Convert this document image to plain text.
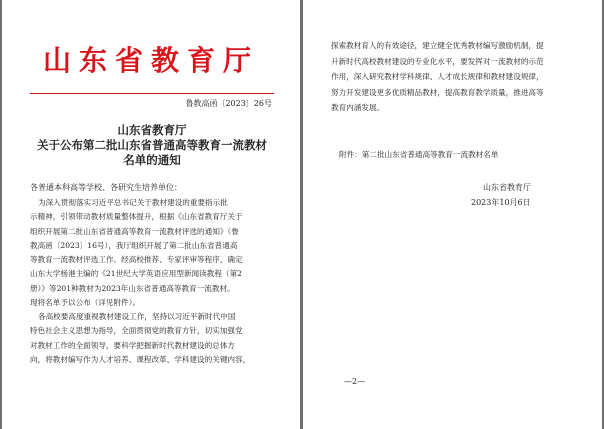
山东省教育厅
鲁教高函〔2023〕26号
山东省教育厅
关于公布第二批山东省普通高等教育一流教材
名单的通知
各普通本科高等学校、各研究生培养单位：
为深入贯彻落实习近平总书记关于教材建设的重要指示批
示精神，引领带动教材质量整体提升，根据《山东省教育厅关于
组织开展第二批山东省普通高等教育一流教材评选的通知》（鲁
教高函〔2023〕16号），我厅组织开展了第二批山东省普通高
等教育一流教材评选工作。经高校推荐、专家评审等程序，确定
山东大学杨港主编的《21世纪大学英语应用型新闻读教程（第2
册）》等201种教材为2023年山东省普通高等教育一流教材。
现将名单予以公布（详见附件）。
各高校要高度重视教材建设工作，坚持以习近平新时代中国
特色社会主义思想为指导，全面贯彻党的教育方针，切实加强党
对教材工作的全面领导，要科学把握新时代教材建设的总体方
向，将教材编写作为人才培养、课程改革、学科建设的关键内容，
探索教材育人的有效途径，建立健全优秀教材编写激励机制，提
升新时代高校教材建设的专业化水平，要发挥对一流教材的示范
作用，深入研究教材学科规律、人才成长规律和教材建设规律，
努力开发建设更多优质精品教材，提高教育教学质量，推进高等
教育内涵发展。
附件：第二批山东省普通高等教育一流教材名单
山东省教育厅
2023年10月6日
—2—
